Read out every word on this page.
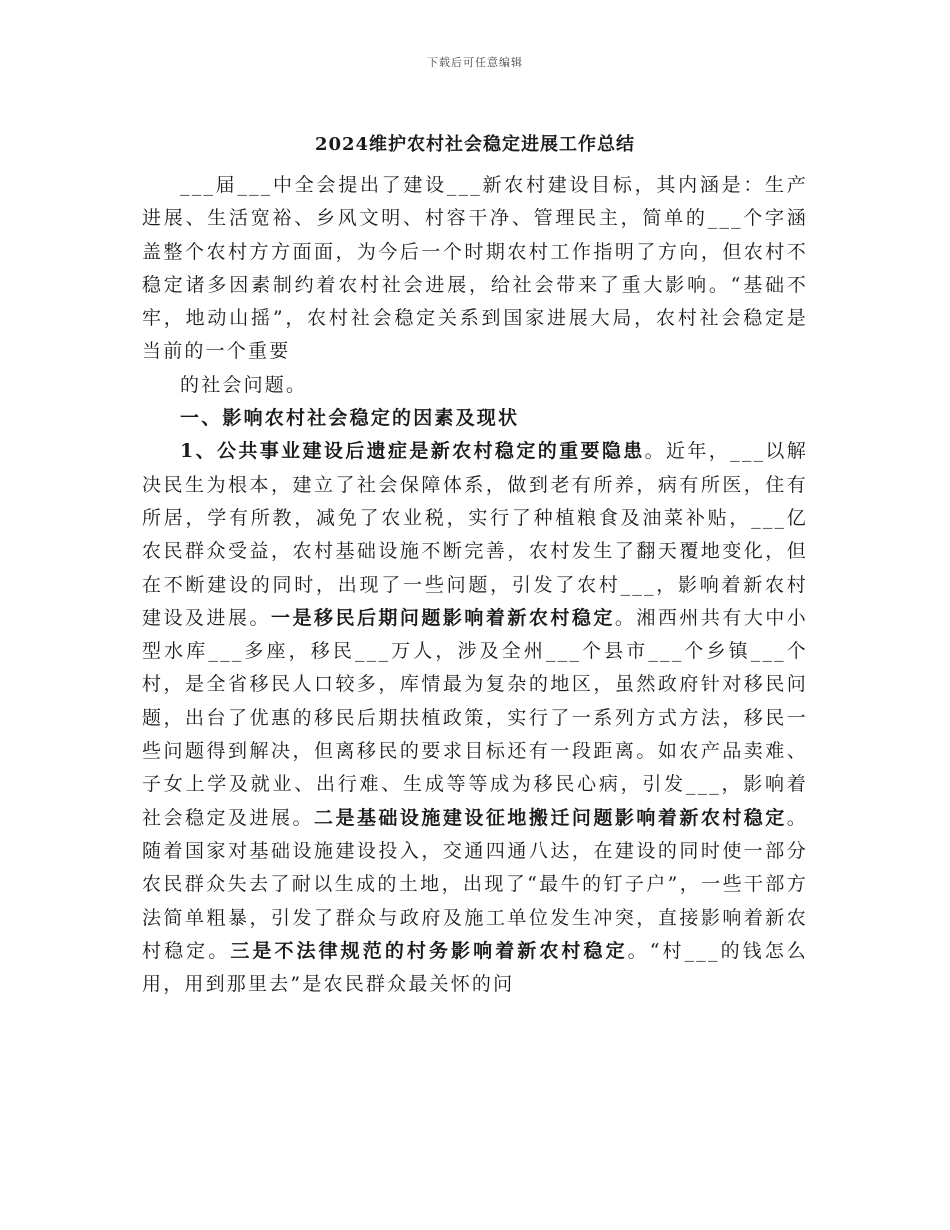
下载后可任意编辑
2024维护农村社会稳定进展工作总结

___届___中全会提出了建设___新农村建设目标，其内涵是：生产进展、生活宽裕、乡风文明、村容干净、管理民主，简单的___个字涵盖整个农村方方面面，为今后一个时期农村工作指明了方向，但农村不稳定诸多因素制约着农村社会进展，给社会带来了重大影响。“基础不牢，地动山摇”，农村社会稳定关系到国家进展大局，农村社会稳定是当前的一个重要

的社会问题。

一、影响农村社会稳定的因素及现状

1、公共事业建设后遗症是新农村稳定的重要隐患。近年，___以解决民生为根本，建立了社会保障体系，做到老有所养，病有所医，住有所居，学有所教，减免了农业税，实行了种植粮食及油菜补贴，___亿农民群众受益，农村基础设施不断完善，农村发生了翻天覆地变化，但在不断建设的同时，出现了一些问题，引发了农村___，影响着新农村建设及进展。一是移民后期问题影响着新农村稳定。湘西州共有大中小型水库___多座，移民___万人，涉及全州___个县市___个乡镇___个村，是全省移民人口较多，库情最为复杂的地区，虽然政府针对移民问题，出台了优惠的移民后期扶植政策，实行了一系列方式方法，移民一些问题得到解决，但离移民的要求目标还有一段距离。如农产品卖难、子女上学及就业、出行难、生成等等成为移民心病，引发___，影响着社会稳定及进展。二是基础设施建设征地搬迁问题影响着新农村稳定。随着国家对基础设施建设投入，交通四通八达，在建设的同时使一部分农民群众失去了耐以生成的土地，出现了“最牛的钉子户”，一些干部方法简单粗暴，引发了群众与政府及施工单位发生冲突，直接影响着新农村稳定。三是不法律规范的村务影响着新农村稳定。“村___的钱怎么用，用到那里去”是农民群众最关怀的问
